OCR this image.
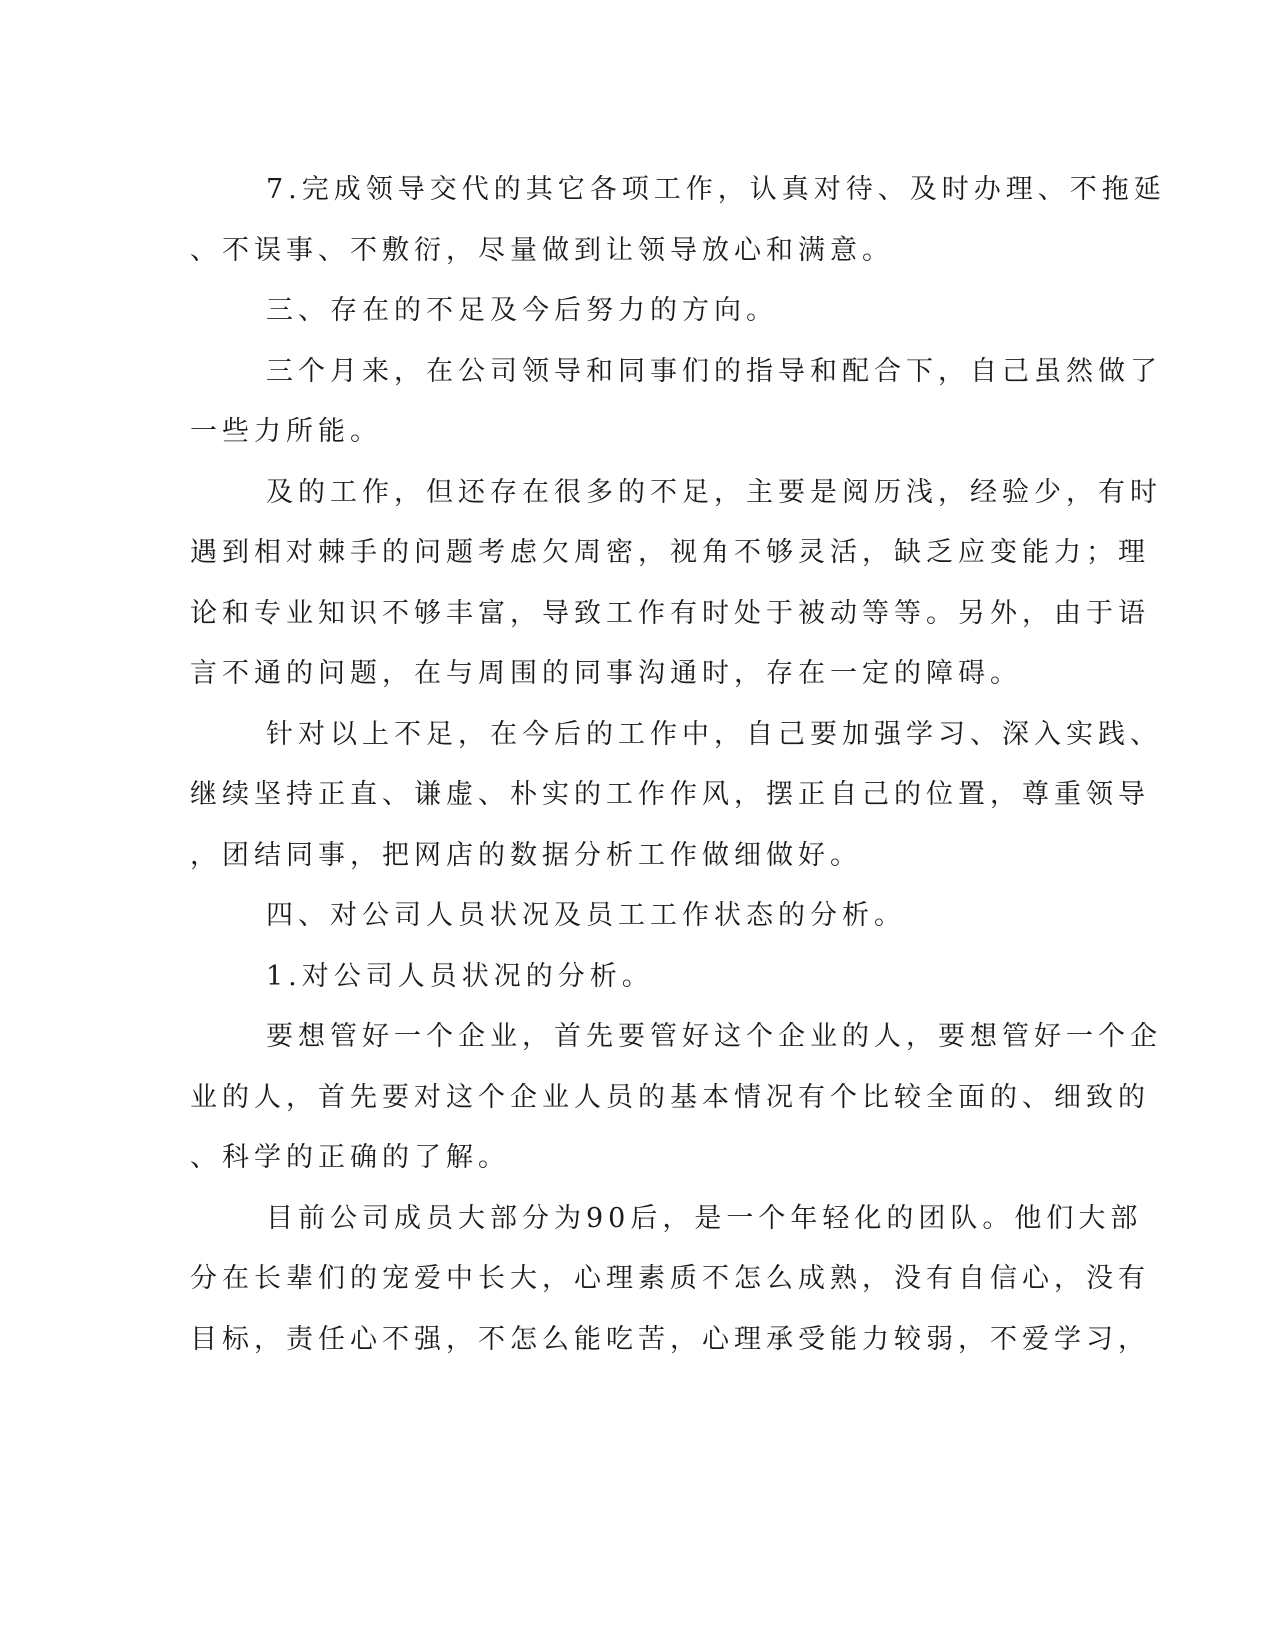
7.完成领导交代的其它各项工作，认真对待、及时办理、不拖延
、不误事、不敷衍，尽量做到让领导放心和满意。
三、存在的不足及今后努力的方向。
三个月来，在公司领导和同事们的指导和配合下，自己虽然做了
一些力所能。
及的工作，但还存在很多的不足，主要是阅历浅，经验少，有时
遇到相对棘手的问题考虑欠周密，视角不够灵活，缺乏应变能力；理
论和专业知识不够丰富，导致工作有时处于被动等等。另外，由于语
言不通的问题，在与周围的同事沟通时，存在一定的障碍。
针对以上不足，在今后的工作中，自己要加强学习、深入实践、
继续坚持正直、谦虚、朴实的工作作风，摆正自己的位置，尊重领导
，团结同事，把网店的数据分析工作做细做好。
四、对公司人员状况及员工工作状态的分析。
1.对公司人员状况的分析。
要想管好一个企业，首先要管好这个企业的人，要想管好一个企
业的人，首先要对这个企业人员的基本情况有个比较全面的、细致的
、科学的正确的了解。
目前公司成员大部分为90后，是一个年轻化的团队。他们大部
分在长辈们的宠爱中长大，心理素质不怎么成熟，没有自信心，没有
目标，责任心不强，不怎么能吃苦，心理承受能力较弱，不爱学习，
